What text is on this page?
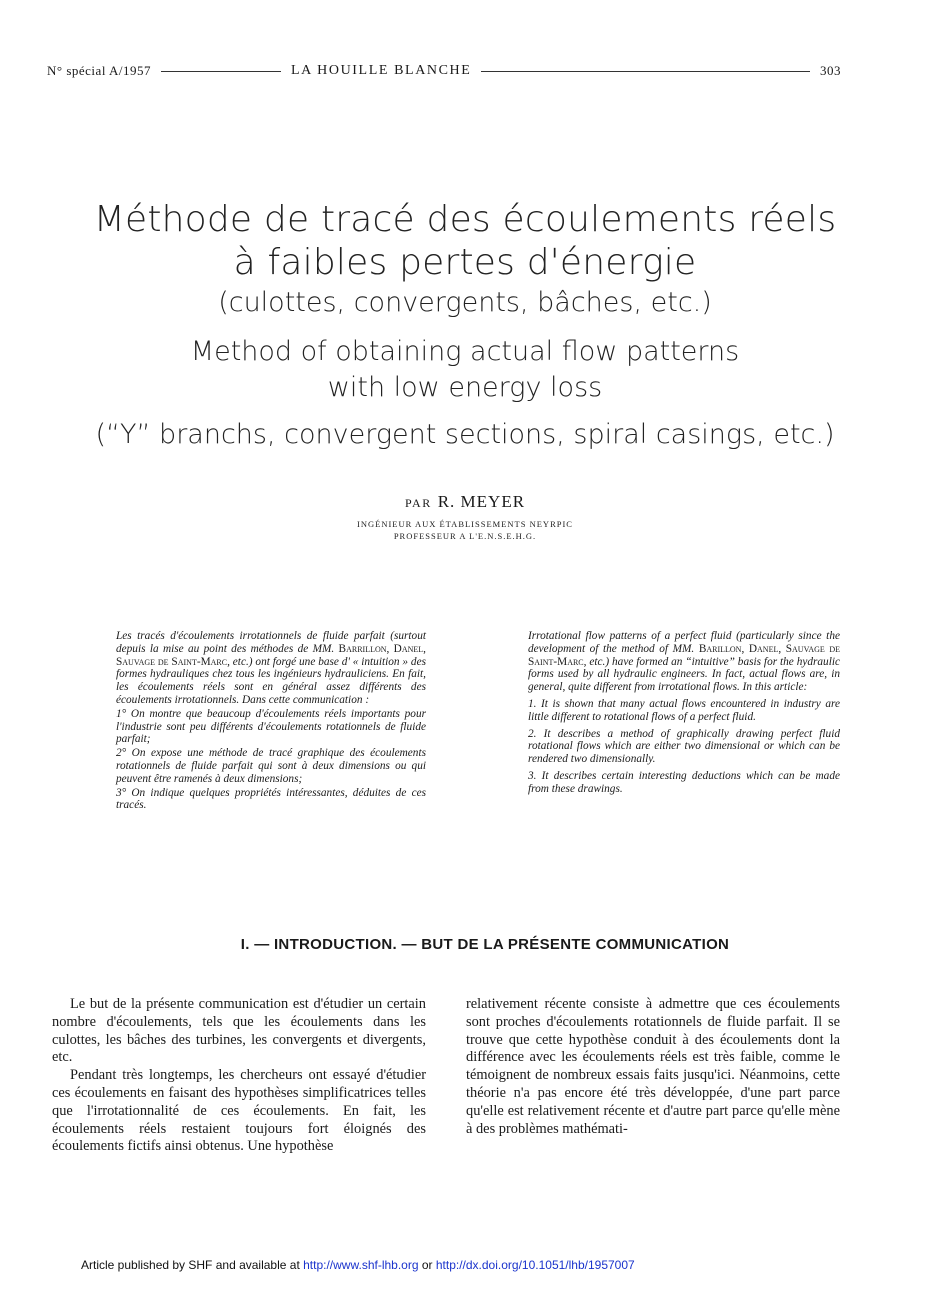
N° spécial A/1957	LA HOUILLE BLANCHE	303
Méthode de tracé des écoulements réels
à faibles pertes d'énergie
(culottes, convergents, bâches, etc.)
Method of obtaining actual flow patterns
with low energy loss
(“Y” branchs, convergent sections, spiral casings, etc.)
PAR R. MEYER
INGÉNIEUR AUX ÉTABLISSEMENTS NEYRPIC
PROFESSEUR A L'E.N.S.E.H.G.

Les tracés d'écoulements irrotationnels de fluide parfait (surtout depuis la mise au point des méthodes de MM. Barrillon, Danel, Sauvage de Saint-Marc, etc.) ont forgé une base d' « intuition » des formes hydrauliques chez tous les ingénieurs hydrauliciens. En fait, les écoulements réels sont en général assez différents des écoulements irrotationnels. Dans cette communication :

1° On montre que beaucoup d'écoulements réels importants pour l'industrie sont peu différents d'écoulements rotationnels de fluide parfait;

2° On expose une méthode de tracé graphique des écoulements rotationnels de fluide parfait qui sont à deux dimensions ou qui peuvent être ramenés à deux dimensions;

3° On indique quelques propriétés intéressantes, déduites de ces tracés.

Irrotational flow patterns of a perfect fluid (particularly since the development of the method of MM. Barillon, Danel, Sauvage de Saint-Marc, etc.) have formed an “intuitive” basis for the hydraulic forms used by all hydraulic engineers. In fact, actual flows are, in general, quite different from irrotational flows. In this article:

1. It is shown that many actual flows encountered in industry are little different to rotational flows of a perfect fluid.

2. It describes a method of graphically drawing perfect fluid rotational flows which are either two dimensional or which can be rendered two dimensionally.

3. It describes certain interesting deductions which can be made from these drawings.

I. — INTRODUCTION. — BUT DE LA PRÉSENTE COMMUNICATION

Le but de la présente communication est d'étudier un certain nombre d'écoulements, tels que les écoulements dans les culottes, les bâches des turbines, les convergents et divergents, etc.

Pendant très longtemps, les chercheurs ont essayé d'étudier ces écoulements en faisant des hypothèses simplificatrices telles que l'irrotationnalité de ces écoulements. En fait, les écoulements réels restaient toujours fort éloignés des écoulements fictifs ainsi obtenus. Une hypothèse

relativement récente consiste à admettre que ces écoulements sont proches d'écoulements rotationnels de fluide parfait. Il se trouve que cette hypothèse conduit à des écoulements dont la différence avec les écoulements réels est très faible, comme le témoignent de nombreux essais faits jusqu'ici. Néanmoins, cette théorie n'a pas encore été très développée, d'une part parce qu'elle est relativement récente et d'autre part parce qu'elle mène à des problèmes mathémati-

Article published by SHF and available at http://www.shf-lhb.org or http://dx.doi.org/10.1051/lhb/1957007
